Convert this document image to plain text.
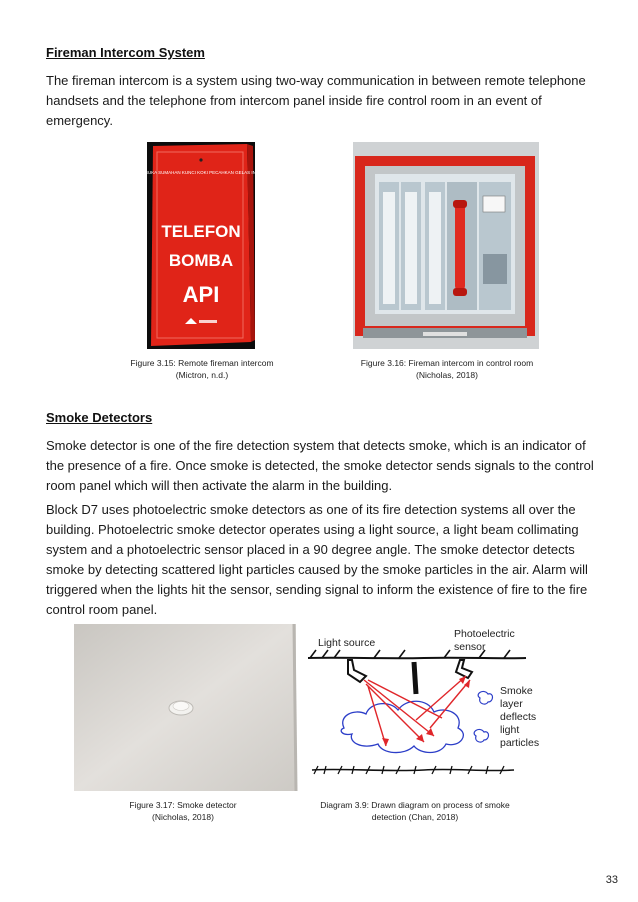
Fireman Intercom System
The fireman intercom is a system using two-way communication in between remote telephone handsets and the telephone from intercom panel inside fire control room in an event of emergency.
BUKA SUMAHAN KUNCI KOKI PECAHKAN GELAS INI
TELEFON
BOMBA
API
Figure 3.15: Remote fireman intercom
(Mictron, n.d.)
Figure 3.16: Fireman intercom in control room
(Nicholas, 2018)
Smoke Detectors
Smoke detector is one of the fire detection system that detects smoke, which is an indicator of the presence of a fire. Once smoke is detected, the smoke detector sends signals to the control room panel which will then activate the alarm in the building.
Block D7 uses photoelectric smoke detectors as one of its fire detection systems all over the building. Photoelectric smoke detector operates using a light source, a light beam collimating system and a photoelectric sensor placed in a 90 degree angle. The smoke detector detects smoke by detecting scattered light particles caused by the smoke particles in the air. Alarm will triggered when the lights hit the sensor, sending signal to inform the existence of fire to the fire control room panel.
Figure 3.17: Smoke detector
(Nicholas, 2018)
Light source
Photoelectric
sensor
Smoke
layer
deflects
light
particles
Diagram 3.9: Drawn diagram on process of smoke
detection (Chan, 2018)
33
